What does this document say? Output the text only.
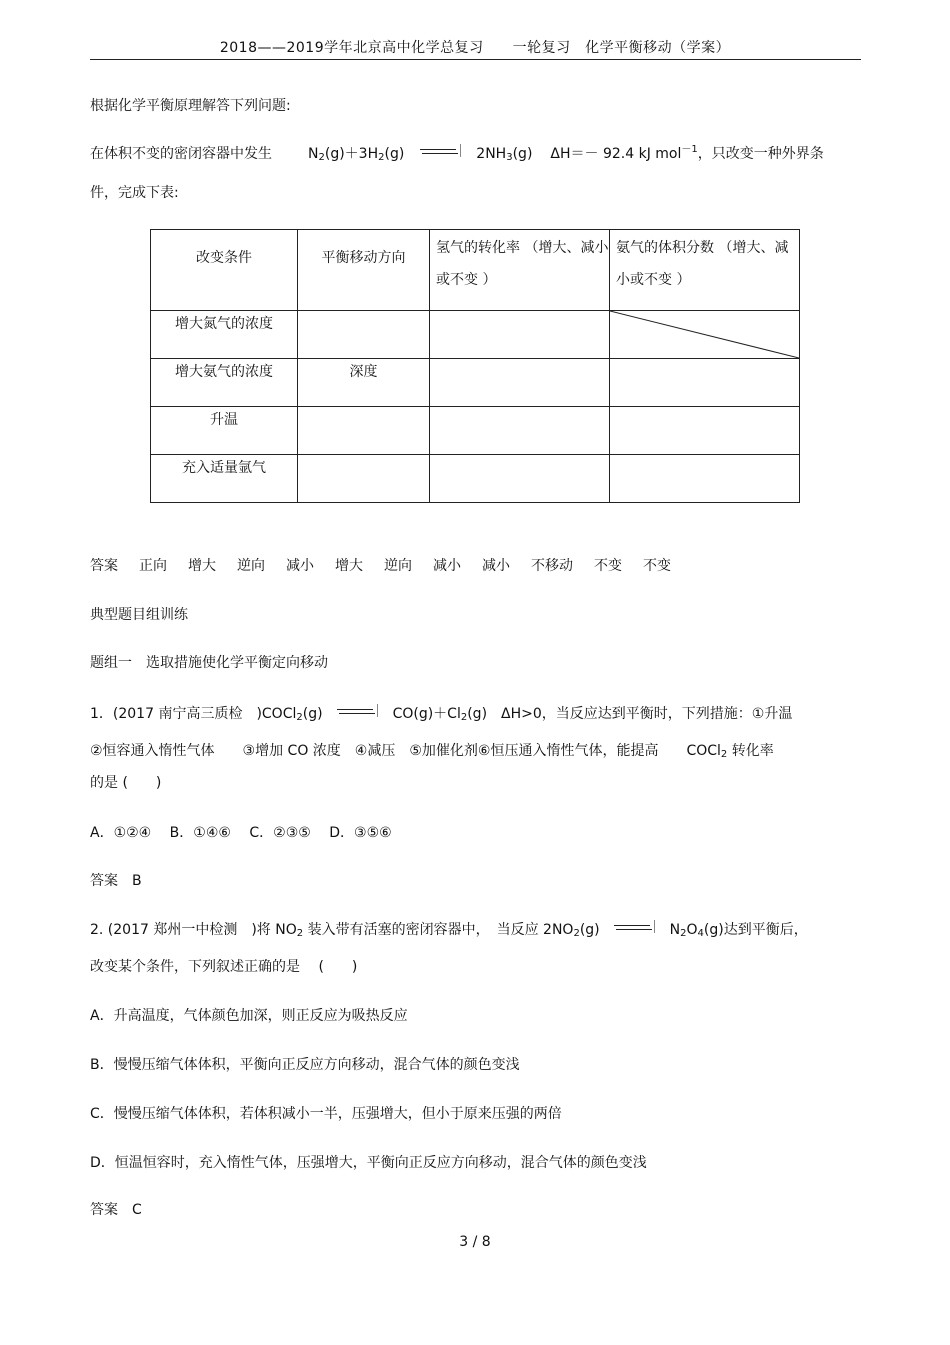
2018——2019学年北京高中化学总复习　　一轮复习　化学平衡移动（学案）
根据化学平衡原理解答下列问题:
在体积不变的密闭容器中发生	$N_2(g)+3H_2(g)$	$2NH_3(g)$ ΔH＝－ 92.4 kJ mol$^{-1}$，只改变一种外界条
件，完成下表:
改变条件	平衡移动方向	氢气的转化率 （增大、减小或不变 ）	氨气的体积分数 （增大、减小或不变 ）

增大氮气的浓度

增大氨气的浓度	深度		

升温			

充入适量氩气			

答案 正向 增大 逆向 减小 增大 逆向 减小 减小 不移动 不变 不变
典型题目组训练
题组一　选取措施使化学平衡定向移动
1．(2017 南宁高三质检　)COCl$_2$(g)	$CO(g)+Cl_2(g)$　ΔH>0，当反应达到平衡时，下列措施：①升温
②恒容通入惰性气体　　③增加 CO 浓度　④减压　⑤加催化剂⑥恒压通入惰性气体，能提高　　COCl$_2$ 转化率
的是 (　　)
A．①②④　 B．①④⑥　 C．②③⑤　 D．③⑤⑥
答案　B
2. (2017 郑州一中检测　)将 $NO_2$ 装入带有活塞的密闭容器中，　当反应 $2NO_2(g)$	$N_2O_4(g)$达到平衡后，
改变某个条件，下列叙述正确的是　 (　　)
A．升高温度，气体颜色加深，则正反应为吸热反应
B．慢慢压缩气体体积，平衡向正反应方向移动，混合气体的颜色变浅
C．慢慢压缩气体体积，若体积减小一半，压强增大，但小于原来压强的两倍
D．恒温恒容时，充入惰性气体，压强增大，平衡向正反应方向移动，混合气体的颜色变浅
答案　C
3 / 8
